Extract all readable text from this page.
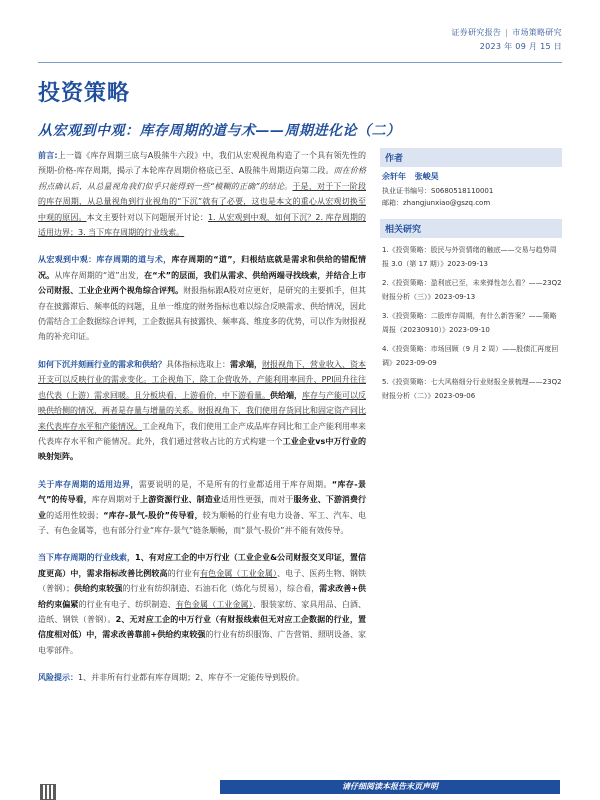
证券研究报告 | 市场策略研究
2023 年 09 月 15 日
投资策略
从宏观到中观：库存周期的道与术——周期进化论（二）

前言:上一篇《库存周期三底与A股熊牛六段》中，我们从宏观视角构造了一个具有领先性的预期-价格-库存周期，揭示了本轮库存周期价格底已至、A股熊牛周期迈向第二段。而在价格拐点确认后，从总量视角我们似乎只能得到一些“模糊的正确”的结论。于是，对于下一阶段的库存周期，从总量视角到行业视角的“下沉”就有了必要，这也是本文的重心从宏观切换至中观的原因。本文主要针对以下问题展开讨论：1. 从宏观到中观，如何下沉？2. 库存周期的适用边界；3. 当下库存周期的行业线索。

从宏观到中观：库存周期的道与术，库存周期的“道”，归根结底就是需求和供给的错配情况。从库存周期的“道”出发，在“术”的层面，我们从需求、供给两端寻找线索，并结合上市公司财报、工业企业两个视角综合评判。财报指标跟A股对应更好，是研究的主要抓手，但其存在披露滞后、频率低的问题，且单一维度的财务指标也难以综合反映需求、供给情况，因此仍需结合工企数据综合评判，工企数据具有披露快、频率高、维度多的优势，可以作为财报视角的补充印证。

如何下沉并刻画行业的需求和供给？具体指标选取上：需求端，财报视角下，营业收入、资本开支可以反映行业的需求变化。工企视角下，除工企营收外，产能利用率回升、PPI回升往往也代表（上游）需求回暖。且分板块看，上游看价，中下游看量。供给端，库存与产能可以反映供给侧的情况，两者是存量与增量的关系。财报视角下，我们使用存货同比和固定资产同比来代表库存水平和产能情况。工企视角下，我们使用工企产成品库存同比和工企产能利用率来代表库存水平和产能情况。此外，我们通过营收占比的方式构建一个工业企业vs中万行业的映射矩阵。

关于库存周期的适用边界，需要说明的是，不是所有的行业都适用于库存周期。“库存-景气”的传导看，库存周期对于上游资源行业、制造业适用性更强，而对于服务业、下游消费行业的适用性较弱；“库存-景气-股价”传导看，较为顺畅的行业有电力设备、军工、汽车、电子、有色金属等，也有部分行业“库存-景气”链条顺畅，而“景气-股价”并不能有效传导。

当下库存周期的行业线索，1、有对应工企的中万行业（工业企业&公司财报交叉印证，置信度更高）中，需求指标改善比例较高的行业有有色金属（工业金属）、电子、医药生物、钢铁（普钢）；供给约束较强的行业有纺织制造、石油石化（炼化与贸易），综合看，需求改善+供给约束偏紧的行业有电子、纺织制造、有色金属（工业金属）、服装家纺、家具用品、白酒、造纸、钢铁（普钢）。2、无对应工企的中万行业（有财报线索但无对应工企数据的行业，置信度相对低）中，需求改善靠前+供给约束较强的行业有纺织服饰、广告营销、照明设备、家电零部件。

风险提示：1、并非所有行业都有库存周期；2、库存不一定能传导到股价。

作者
余轩年 张峻昊
执业证书编号：S0680518110001
邮箱：zhangjunxiao@gszq.com
相关研究
1.《投资策略：股民与外资情绪的触底——交易与趋势周报 3.0（第 17 期）》2023-09-13
2.《投资策略：盈利底已至，未来弹性怎么看？——23Q2 财报分析（三）》2023-09-13
3.《投资策略：二股库存周期，有什么新答案？——策略周报（20230910）》2023-09-10
4.《投资策略：市场回顾（9 月 2 周）——股债汇再度回调》2023-09-09
5.《投资策略：七大风格细分行业财报全景梳理——23Q2 财报分析（二）》2023-09-06
请仔细阅读本报告末页声明
